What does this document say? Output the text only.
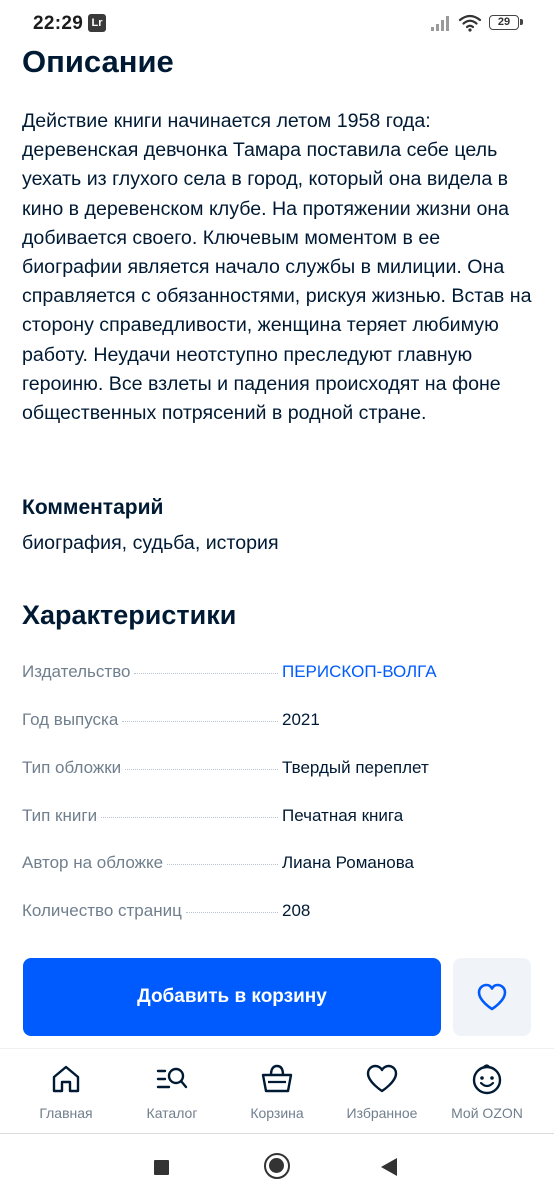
22:29 Lr	29
Описание

Действие книги начинается летом 1958 года: деревенская девчонка Тамара поставила себе цель уехать из глухого села в город, который она видела в кино в деревенском клубе. На протяжении жизни она добивается своего. Ключевым моментом в ее биографии является начало службы в милиции. Она справляется с обязанностями, рискуя жизнью. Встав на сторону справедливости, женщина теряет любимую работу. Неудачи неотступно преследуют главную героиню. Все взлеты и падения происходят на фоне общественных потрясений в родной стране.

Комментарий

биография, судьба, история

Характеристики
Издательство	ПЕРИСКОП-ВОЛГА
Год выпуска	2021
Тип обложки	Твердый переплет
Тип книги	Печатная книга
Автор на обложке	Лиана Романова
Количество страниц	208
Добавить в корзину
Главная	Каталог	Корзина	Избранное	Мой OZON
